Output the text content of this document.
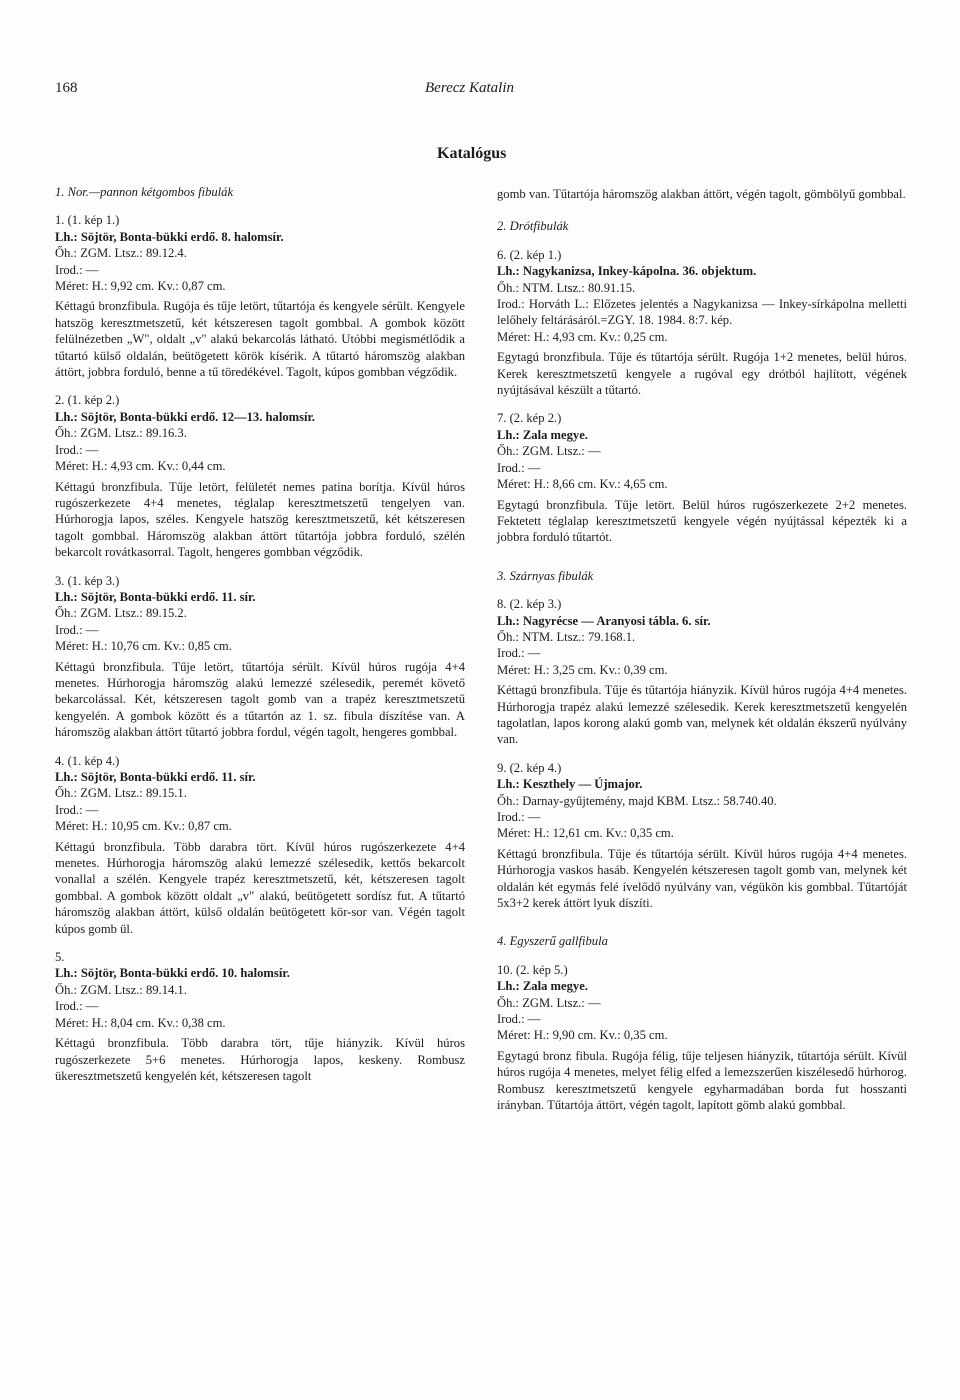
168	Berecz Katalin
Katalógus
1. Nor.—pannon kétgombos fibulák
1. (1. kép 1.)
Lh.: Söjtör, Bonta-bükki erdő. 8. halomsír.
Őh.: ZGM. Ltsz.: 89.12.4.
Irod.: —
Méret: H.: 9,92 cm. Kv.: 0,87 cm.
Kéttagú bronzfibula. Rugója és tűje letört, tűtartója és kengyele sérült. Kengyele hatszög keresztmetszetű, két kétszeresen tagolt gombbal. A gombok között felülnézetben „W", oldalt „v" alakú bekarcolás látható. Utóbbi megismétlődik a tűtartó külső oldalán, beütögetett körök kísérik. A tűtartó háromszög alakban áttört, jobbra forduló, benne a tű töredékével. Tagolt, kúpos gombban végződik.
2. (1. kép 2.)
Lh.: Söjtör, Bonta-bükki erdő. 12—13. halomsír.
Őh.: ZGM. Ltsz.: 89.16.3.
Irod.: —
Méret: H.: 4,93 cm. Kv.: 0,44 cm.
Kéttagú bronzfibula. Tűje letört, felületét nemes patina borítja. Kívül húros rugószerkezete 4+4 menetes, téglalap keresztmetszetű tengelyen van. Húrhorogja lapos, széles. Kengyele hatszög keresztmetszetű, két kétszeresen tagolt gombbal. Háromszög alakban áttört tűtartója jobbra forduló, szélén bekarcolt rovátkasorral. Tagolt, hengeres gombban végződik.
3. (1. kép 3.)
Lh.: Söjtör, Bonta-bükki erdő. 11. sír.
Őh.: ZGM. Ltsz.: 89.15.2.
Irod.: —
Méret: H.: 10,76 cm. Kv.: 0,85 cm.
Kéttagú bronzfibula. Tűje letört, tűtartója sérült. Kívül húros rugója 4+4 menetes. Húrhorogja háromszög alakú lemezzé szélesedik, peremét követő bekarcolással. Két, kétszeresen tagolt gomb van a trapéz keresztmetszetű kengyelén. A gombok között és a tűtartón az 1. sz. fibula díszítése van. A háromszög alakban áttört tűtartó jobbra fordul, végén tagolt, hengeres gombbal.
4. (1. kép 4.)
Lh.: Söjtör, Bonta-bükki erdő. 11. sír.
Őh.: ZGM. Ltsz.: 89.15.1.
Irod.: —
Méret: H.: 10,95 cm. Kv.: 0,87 cm.
Kéttagú bronzfibula. Több darabra tört. Kívül húros rugószerkezete 4+4 menetes. Húrhorogja háromszög alakú lemezzé szélesedik, kettős bekarcolt vonallal a szélén. Kengyele trapéz keresztmetszetű, két, kétszeresen tagolt gombbal. A gombok között oldalt „v" alakú, beütögetett sordísz fut. A tűtartó háromszög alakban áttört, külső oldalán beütögetett kör-sor van. Végén tagolt kúpos gomb ül.
5.
Lh.: Söjtör, Bonta-bükki erdő. 10. halomsír.
Őh.: ZGM. Ltsz.: 89.14.1.
Irod.: —
Méret: H.: 8,04 cm. Kv.: 0,38 cm.
Kéttagú bronzfibula. Több darabra tört, tűje hiányzik. Kívül húros rugószerkezete 5+6 menetes. Húrhorogja lapos, keskeny. Rombusz ükeresztmetszetű kengyelén két, kétszeresen tagolt
gomb van. Tűtartója háromszög alakban áttört, végén tagolt, gömbölyű gombbal.
2. Drótfibulák
6. (2. kép 1.)
Lh.: Nagykanizsa, Inkey-kápolna. 36. objektum.
Őh.: NTM. Ltsz.: 80.91.15.
Irod.: Horváth L.: Előzetes jelentés a Nagykanizsa — Inkey-sírkápolna melletti lelőhely feltárásáról.=ZGY. 18. 1984. 8:7. kép.
Méret: H.: 4,93 cm. Kv.: 0,25 cm.
Egytagú bronzfibula. Tűje és tűtartója sérült. Rugója 1+2 menetes, belül húros. Kerek keresztmetszetű kengyele a rugóval egy drótból hajlított, végének nyújtásával készült a tűtartó.
7. (2. kép 2.)
Lh.: Zala megye.
Őh.: ZGM. Ltsz.: —
Irod.: —
Méret: H.: 8,66 cm. Kv.: 4,65 cm.
Egytagú bronzfibula. Tűje letört. Belül húros rugószerkezete 2+2 menetes. Fektetett téglalap keresztmetszetű kengyele végén nyújtással képezték ki a jobbra forduló tűtartót.
3. Szárnyas fibulák
8. (2. kép 3.)
Lh.: Nagyrécse — Aranyosi tábla. 6. sír.
Őh.: NTM. Ltsz.: 79.168.1.
Irod.: —
Méret: H.: 3,25 cm. Kv.: 0,39 cm.
Kéttagú bronzfibula. Tűje és tűtartója hiányzik. Kívül húros rugója 4+4 menetes. Húrhorogja trapéz alakú lemezzé szélesedik. Kerek keresztmetszetű kengyelén tagolatlan, lapos korong alakú gomb van, melynek két oldalán ékszerű nyúlvány van.
9. (2. kép 4.)
Lh.: Keszthely — Újmajor.
Őh.: Darnay-gyűjtemény, majd KBM. Ltsz.: 58.740.40.
Irod.: —
Méret: H.: 12,61 cm. Kv.: 0,35 cm.
Kéttagú bronzfibula. Tűje és tűtartója sérült. Kívül húros rugója 4+4 menetes. Húrhorogja vaskos hasáb. Kengyelén kétszeresen tagolt gomb van, melynek két oldalán két egymás felé ívelődő nyúlvány van, végükön kis gombbal. Tűtartóját 5x3+2 kerek áttört lyuk díszíti.
4. Egyszerű gallfibula
10. (2. kép 5.)
Lh.: Zala megye.
Őh.: ZGM. Ltsz.: —
Irod.: —
Méret: H.: 9,90 cm. Kv.: 0,35 cm.
Egytagú bronz fibula. Rugója félig, tűje teljesen hiányzik, tűtartója sérült. Kívül húros rugója 4 menetes, melyet félig elfed a lemezszerűen kiszélesedő húrhorog. Rombusz keresztmetszetű kengyele egyharmadában borda fut hosszanti irányban. Tűtartója áttört, végén tagolt, lapított gömb alakú gombbal.
